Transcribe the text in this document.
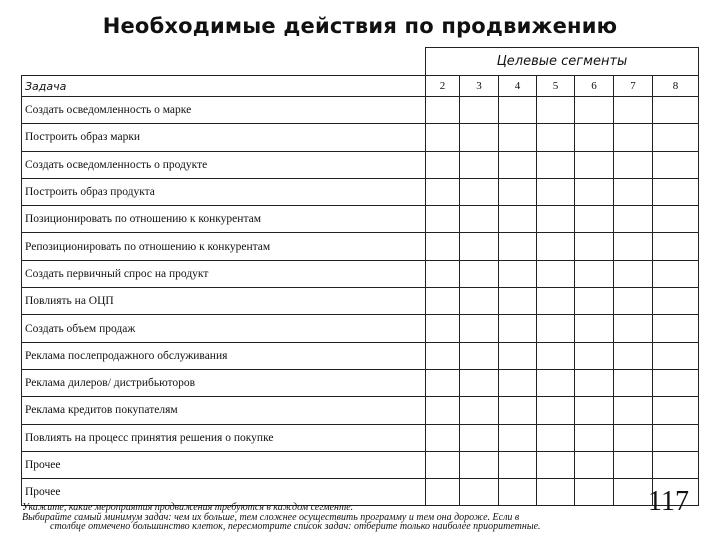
Необходимые действия по продвижению
	Целевые сегменты						
Задача	2	3	4	5	6	7	8
Создать осведомленность о марке							
Построить образ марки							
Создать осведомленность о продукте							
Построить образ продукта							
Позиционировать по отношению к конкурентам							
Репозиционировать по отношению к конкурентам							
Создать первичный спрос на продукт							
Повлиять на ОЦП							
Создать объем продаж							
Реклама послепродажного обслуживания							
Реклама дилеров/ дистрибьюторов							
Реклама кредитов покупателям							
Повлиять на процесс принятия решения о покупке							
Прочее							
Прочее							
Укажите, какие мероприятия продвижения требуются в каждом сегменте.
Выбирайте самый минимум задач: чем их больше, тем сложнее осуществить программу и тем она дороже. Если в
столбце отмечено большинство клеток, пересмотрите список задач: отберите только наиболее приоритетные.
117
